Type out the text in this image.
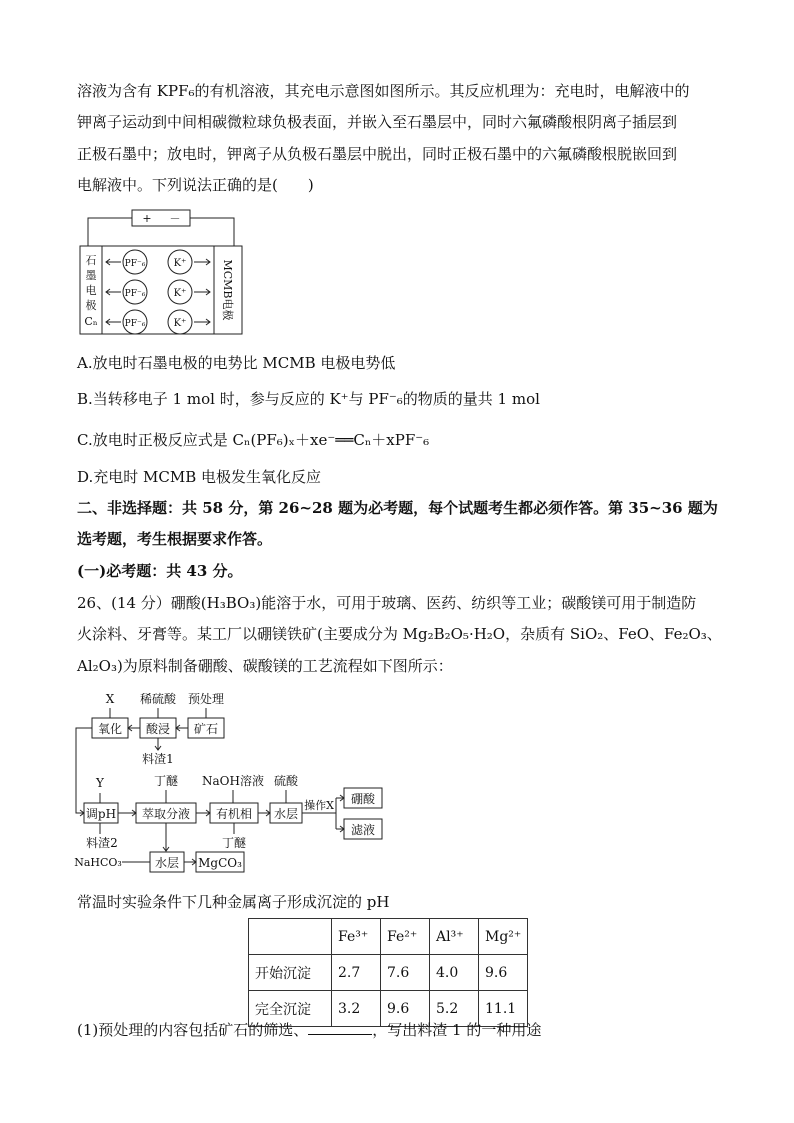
溶液为含有 KPF₆的有机溶液，其充电示意图如图所示。其反应机理为：充电时，电解液中的
钾离子运动到中间相碳微粒球负极表面，并嵌入至石墨层中，同时六氟磷酸根阴离子插层到
正极石墨中；放电时，钾离子从负极石墨层中脱出，同时正极石墨中的六氟磷酸根脱嵌回到
电解液中。下列说法正确的是(　　)
+ －
石
墨
电
极
Cₙ
PF⁻₆
PF⁻₆
PF⁻₆
K⁺
K⁺
K⁺
MCMB电极
A.放电时石墨电极的电势比 MCMB 电极电势低
B.当转移电子 1 mol 时，参与反应的 K⁺与 PF⁻₆的物质的量共 1 mol
C.放电时正极反应式是 Cₙ(PF₆)ₓ＋xe⁻══Cₙ＋xPF⁻₆
D.充电时 MCMB 电极发生氧化反应
二、非选择题：共 58 分，第 26~28 题为必考题，每个试题考生都必须作答。第 35~36 题为
选考题，考生根据要求作答。
(一)必考题：共 43 分。
26、(14 分）硼酸(H₃BO₃)能溶于水，可用于玻璃、医药、纺织等工业；碳酸镁可用于制造防
火涂料、牙膏等。某工厂以硼镁铁矿(主要成分为 Mg₂B₂O₅·H₂O，杂质有 SiO₂、FeO、Fe₂O₃、
Al₂O₃)为原料制备硼酸、碳酸镁的工艺流程如下图所示：
X 稀硫酸 预处理
氧化 酸浸 矿石
料渣1
Y	丁醚 NaOH溶液 硫酸
调pH 萃取分液 有机相 水层
操作X 硼酸
滤液
料渣2	丁醚
NaHCO₃	水层 MgCO₃
常温时实验条件下几种金属离子形成沉淀的 pH
	Fe³⁺	Fe²⁺	Al³⁺	Mg²⁺
开始沉淀	2.7	7.6	4.0	9.6
完全沉淀	3.2	9.6	5.2	11.1
(1)预处理的内容包括矿石的筛选、	，写出料渣 1 的一种用途
